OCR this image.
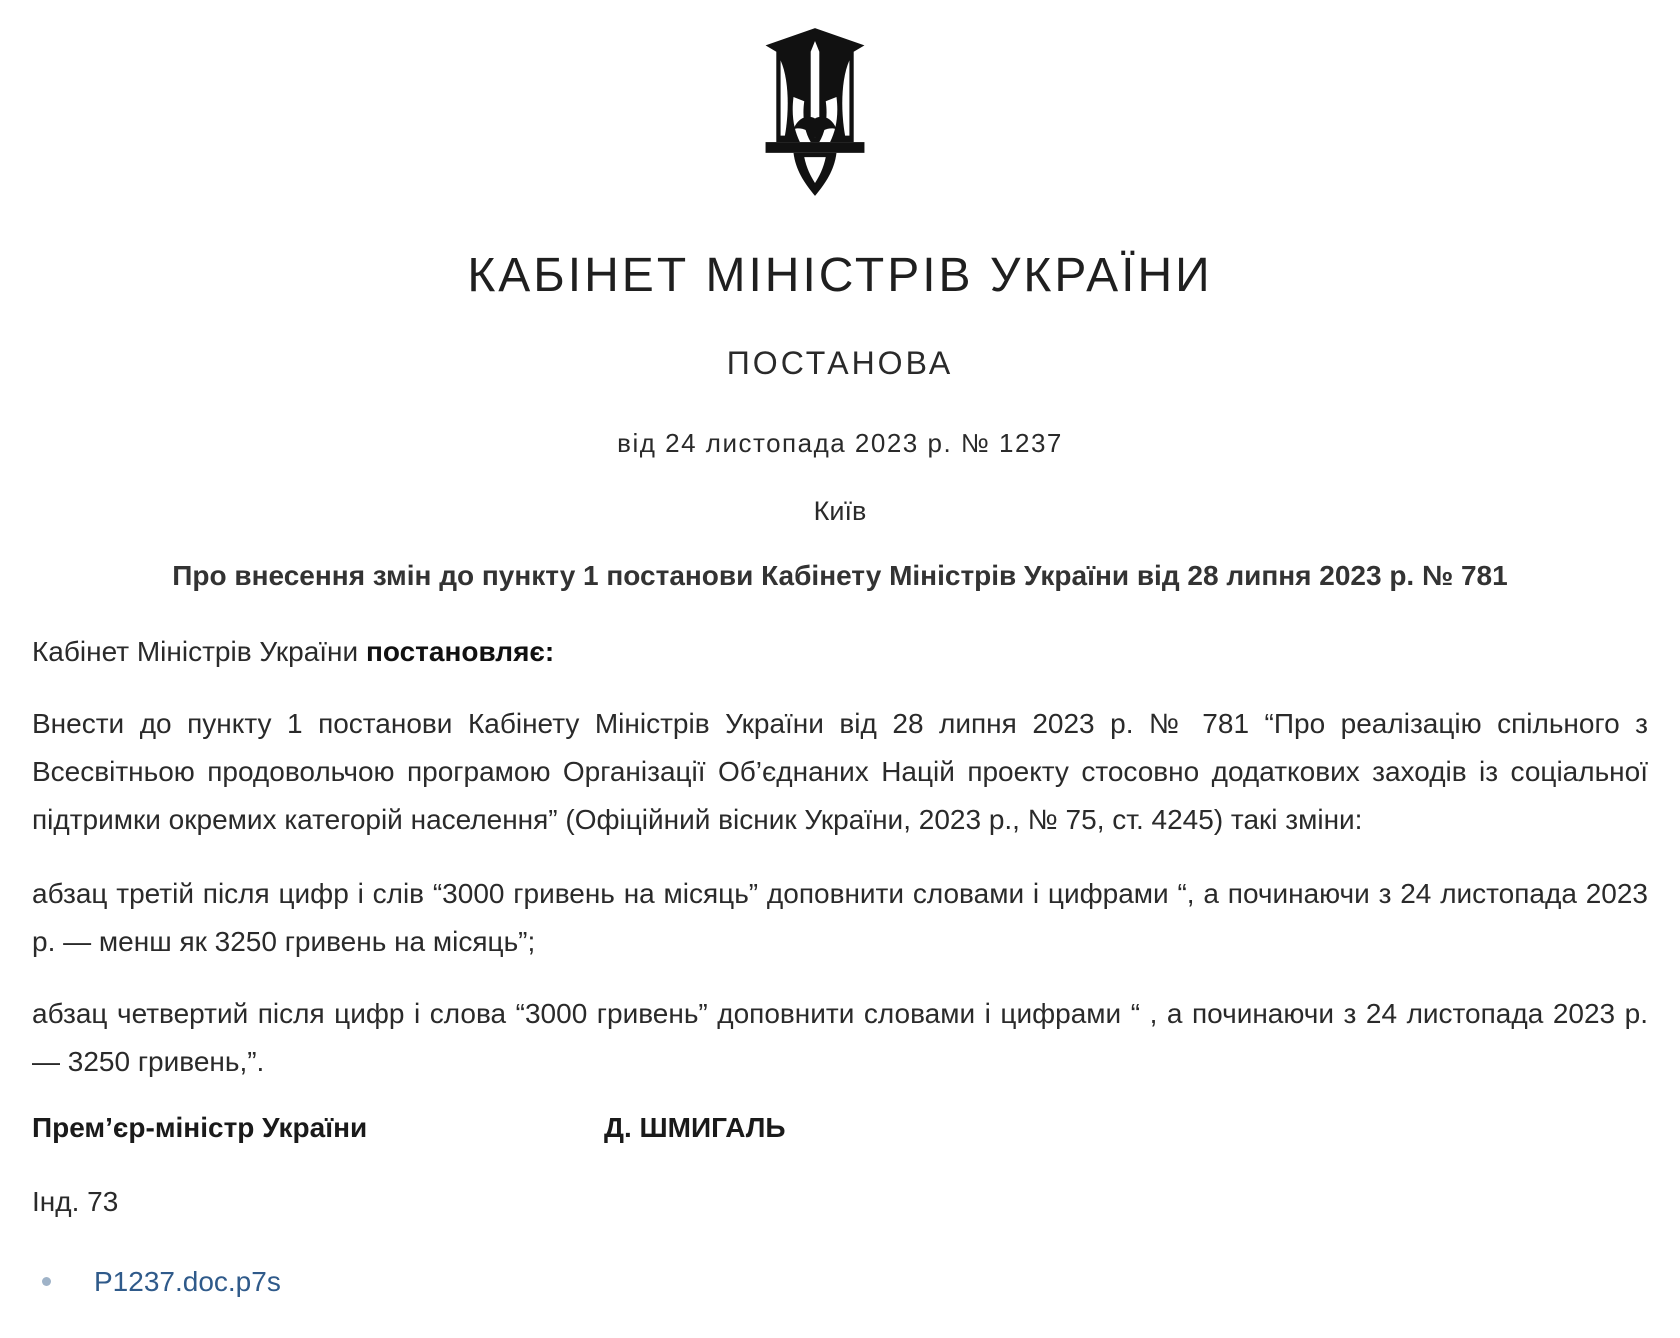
КАБІНЕТ МІНІСТРІВ УКРАЇНИ
ПОСТАНОВА
від 24 листопада 2023 р. № 1237
Київ
Про внесення змін до пункту 1 постанови Кабінету Міністрів України від 28 липня 2023 р. № 781
Кабінет Міністрів України постановляє:
Внести до пункту 1 постанови Кабінету Міністрів України від 28 липня 2023 р. № 781 “Про реалізацію спільного з Всесвітньою продовольчою програмою Організації Об’єднаних Націй проекту стосовно додаткових заходів із соціальної підтримки окремих категорій населення” (Офіційний вісник України, 2023 р., № 75, ст. 4245) такі зміни:
абзац третій після цифр і слів “3000 гривень на місяць” доповнити словами і цифрами “, а починаючи з 24 листопада 2023 р. — менш як 3250 гривень на місяць”;
абзац четвертий після цифр і слова “3000 гривень” доповнити словами і цифрами “ , а починаючи з 24 листопада 2023 р. — 3250 гривень,”.
Прем’єр-міністр України	Д. ШМИГАЛЬ
Інд. 73
P1237.doc.p7s
